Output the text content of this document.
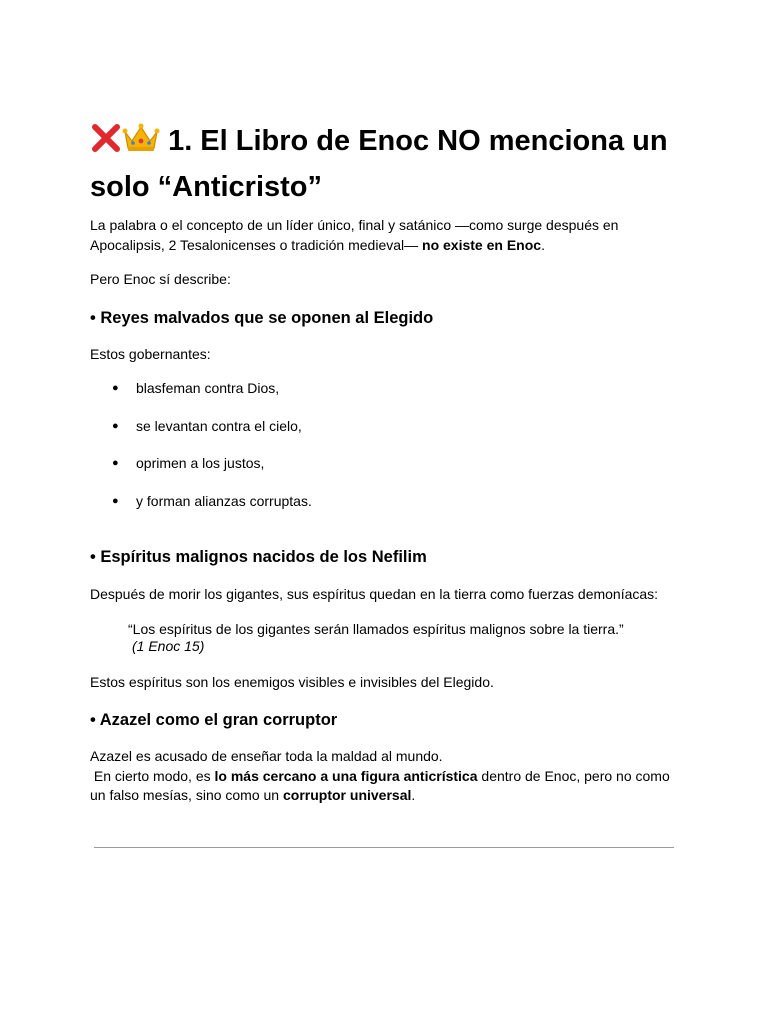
1. El Libro de Enoc NO menciona un solo “Anticristo”

La palabra o el concepto de un líder único, final y satánico —como surge después en Apocalipsis, 2 Tesalonicenses o tradición medieval— no existe en Enoc.

Pero Enoc sí describe:

• Reyes malvados que se oponen al Elegido

Estos gobernantes:

● blasfeman contra Dios,
● se levantan contra el cielo,
● oprimen a los justos,
● y forman alianzas corruptas.
• Espíritus malignos nacidos de los Nefilim

Después de morir los gigantes, sus espíritus quedan en la tierra como fuerzas demoníacas:

“Los espíritus de los gigantes serán llamados espíritus malignos sobre la tierra.”
(1 Enoc 15)

Estos espíritus son los enemigos visibles e invisibles del Elegido.

• Azazel como el gran corruptor

Azazel es acusado de enseñar toda la maldad al mundo.
En cierto modo, es lo más cercano a una figura anticrística dentro de Enoc, pero no como
un falso mesías, sino como un corruptor universal.
